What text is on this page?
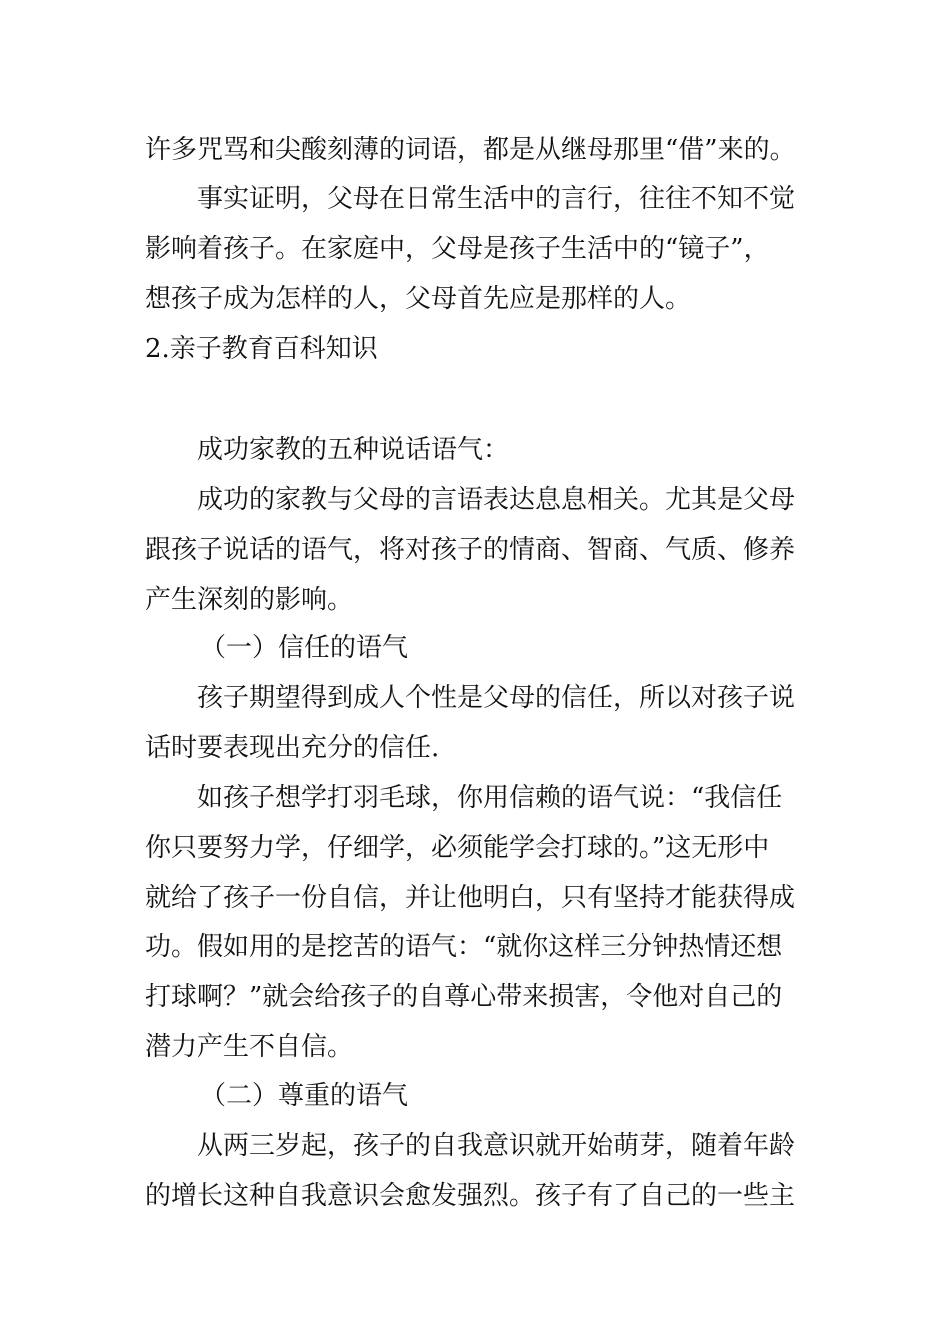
许多咒骂和尖酸刻薄的词语，都是从继母那里“借”来的。
事实证明，父母在日常生活中的言行，往往不知不觉
影响着孩子。在家庭中，父母是孩子生活中的“镜子”，
想孩子成为怎样的人，父母首先应是那样的人。
2.亲子教育百科知识
成功家教的五种说话语气：
成功的家教与父母的言语表达息息相关。尤其是父母
跟孩子说话的语气，将对孩子的情商、智商、气质、修养
产生深刻的影响。
（一）信任的语气
孩子期望得到成人个性是父母的信任，所以对孩子说
话时要表现出充分的信任.
如孩子想学打羽毛球，你用信赖的语气说：“我信任
你只要努力学，仔细学，必须能学会打球的。”这无形中
就给了孩子一份自信，并让他明白，只有坚持才能获得成
功。假如用的是挖苦的语气：“就你这样三分钟热情还想
打球啊？”就会给孩子的自尊心带来损害，令他对自己的
潜力产生不自信。
（二）尊重的语气
从两三岁起，孩子的自我意识就开始萌芽，随着年龄
的增长这种自我意识会愈发强烈。孩子有了自己的一些主
